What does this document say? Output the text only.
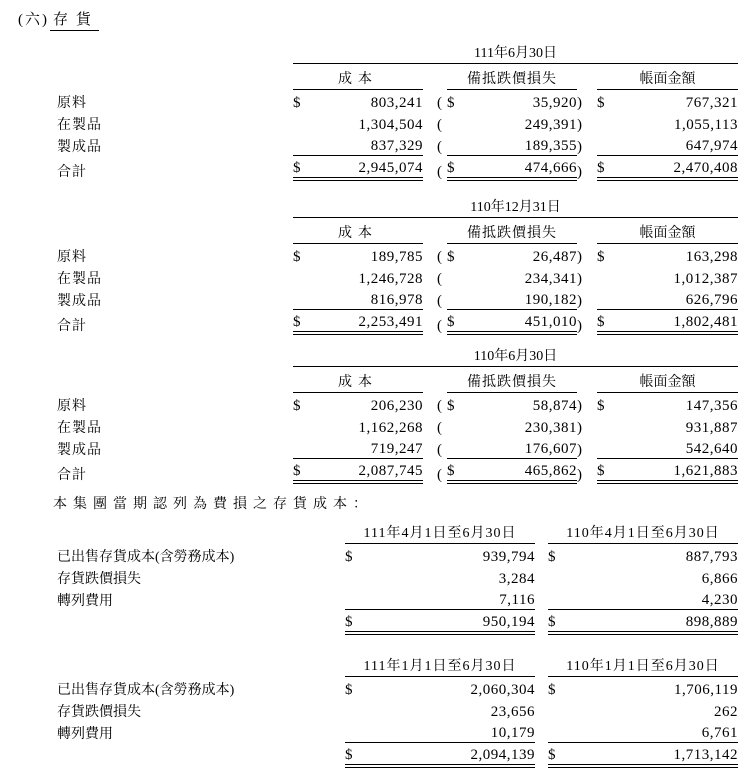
(六) 存貨
111年6月30日
成本	備抵跌價損失	帳面金額
原料	$	803,241 ( $	35,920 )	$	767,321
在製品	1,304,504 (	249,391 )	1,055,113
製成品	837,329 (	189,355 )	647,974
合計	$	2,945,074 ( $	474,666 )	$	2,470,408
110年12月31日
成本	備抵跌價損失	帳面金額
原料	$	189,785 ( $	26,487 )	$	163,298
在製品	1,246,728 (	234,341 )	1,012,387
製成品	816,978 (	190,182 )	626,796
合計	$	2,253,491 ( $	451,010 )	$	1,802,481
110年6月30日
成本	備抵跌價損失	帳面金額
原料	$	206,230 ( $	58,874 )	$	147,356
在製品	1,162,268 (	230,381 )	931,887
製成品	719,247 (	176,607 )	542,640
合計	$	2,087,745 ( $	465,862 )	$	1,621,883
本集團當期認列為費損之存貨成本：
111年4月1日至6月30日	110年4月1日至6月30日
已出售存貨成本(含勞務成本)	$	939,794 $	887,793
存貨跌價損失	3,284	6,866
轉列費用	7,116	4,230
$	950,194 $	898,889
111年1月1日至6月30日	110年1月1日至6月30日
已出售存貨成本(含勞務成本)	$	2,060,304 $	1,706,119
存貨跌價損失	23,656	262
轉列費用	10,179	6,761
$	2,094,139 $	1,713,142
